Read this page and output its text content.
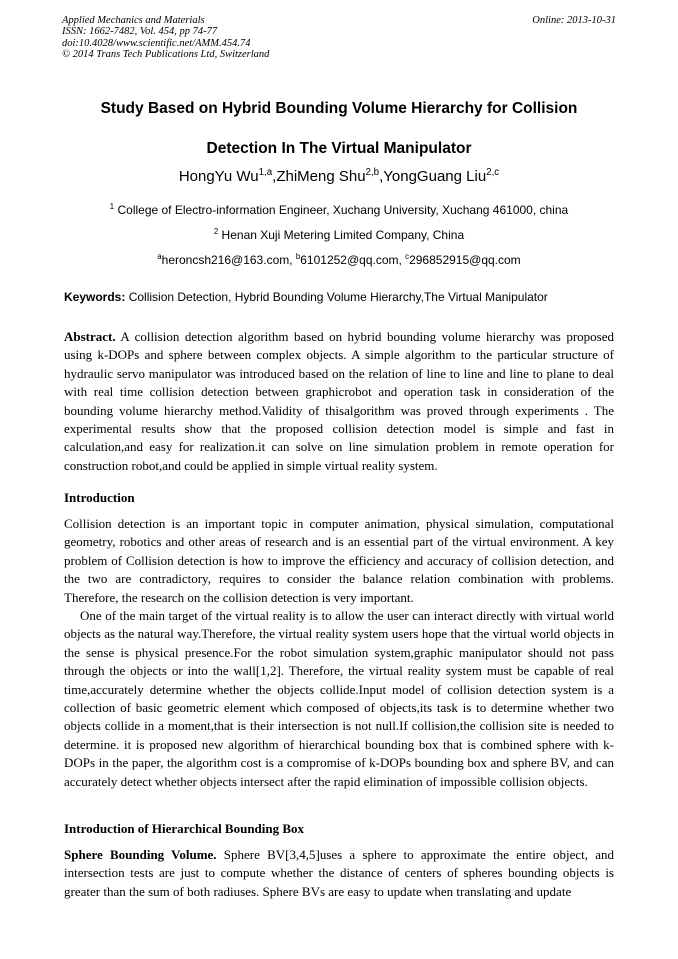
Applied Mechanics and Materials
ISSN: 1662-7482, Vol. 454, pp 74-77
doi:10.4028/www.scientific.net/AMM.454.74
© 2014 Trans Tech Publications Ltd, Switzerland
Online: 2013-10-31
Study Based on Hybrid Bounding Volume Hierarchy for Collision
Detection In The Virtual Manipulator
HongYu Wu$^{1,a}$,ZhiMeng Shu$^{2,b}$,YongGuang Liu$^{2,c}$
$^1$ College of Electro-information Engineer, Xuchang University, Xuchang 461000, china
$^2$ Henan Xuji Metering Limited Company, China
$^a$heroncsh216@163.com, $^b$6101252@qq.com, $^c$296852915@qq.com
Keywords: Collision Detection, Hybrid Bounding Volume Hierarchy,The Virtual Manipulator
Abstract. A collision detection algorithm based on hybrid bounding volume hierarchy was proposed using k-DOPs and sphere between complex objects. A simple algorithm to the particular structure of hydraulic servo manipulator was introduced based on the relation of line to line and line to plane to deal with real time collision detection between graphicrobot and operation task in consideration of the bounding volume hierarchy method.Validity of thisalgorithm was proved through experiments . The experimental results show that the proposed collision detection model is simple and fast in calculation,and easy for realization.it can solve on line simulation problem in remote operation for construction robot,and could be applied in simple virtual reality system.
Introduction
Collision detection is an important topic in computer animation, physical simulation, computational geometry, robotics and other areas of research and is an essential part of the virtual environment. A key problem of Collision detection is how to improve the efficiency and accuracy of collision detection, and the two are contradictory, requires to consider the balance relation combination with problems. Therefore, the research on the collision detection is very important.
One of the main target of the virtual reality is to allow the user can interact directly with virtual world objects as the natural way.Therefore, the virtual reality system users hope that the virtual world objects in the sense is physical presence.For the robot simulation system,graphic manipulator should not pass through the objects or into the wall[1,2]. Therefore, the virtual reality system must be capable of real time,accurately determine whether the objects collide.Input model of collision detection system is a collection of basic geometric element which composed of objects,its task is to determine whether two objects collide in a moment,that is their intersection is not null.If collision,the collision site is needed to determine. it is proposed new algorithm of hierarchical bounding box that is combined sphere with k-DOPs in the paper, the algorithm cost is a compromise of k-DOPs bounding box and sphere BV, and can accurately detect whether objects intersect after the rapid elimination of impossible collision objects.
Introduction of Hierarchical Bounding Box
Sphere Bounding Volume. Sphere BV[3,4,5]uses a sphere to approximate the entire object, and intersection tests are just to compute whether the distance of centers of spheres bounding objects is greater than the sum of both radiuses. Sphere BVs are easy to update when translating and update
